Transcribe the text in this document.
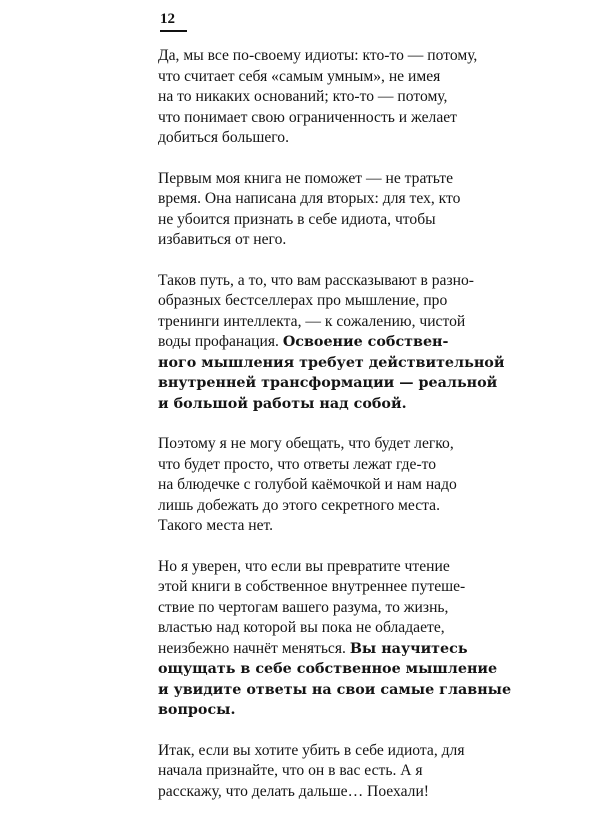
12
Да, мы все по-своему идиоты: кто-то — потому,
что считает себя «самым умным», не имея
на то никаких оснований; кто-то — потому,
что понимает свою ограниченность и желает
добиться большего.
Первым моя книга не поможет — не тратьте
время. Она написана для вторых: для тех, кто
не убоится признать в себе идиота, чтобы
избавиться от него.
Таков путь, а то, что вам рассказывают в разно-
образных бестселлерах про мышление, про
тренинги интеллекта, — к сожалению, чистой
воды профанация. Освоение собствен-
ного мышления требует действительной
внутренней трансформации — реальной
и большой работы над собой.
Поэтому я не могу обещать, что будет легко,
что будет просто, что ответы лежат где-то
на блюдечке с голубой каёмочкой и нам надо
лишь добежать до этого секретного места.
Такого места нет.
Но я уверен, что если вы превратите чтение
этой книги в собственное внутреннее путеше-
ствие по чертогам вашего разума, то жизнь,
властью над которой вы пока не обладаете,
неизбежно начнёт меняться. Вы научитесь
ощущать в себе собственное мышление
и увидите ответы на свои самые главные
вопросы.
Итак, если вы хотите убить в себе идиота, для
начала признайте, что он в вас есть. А я
расскажу, что делать дальше… Поехали!
